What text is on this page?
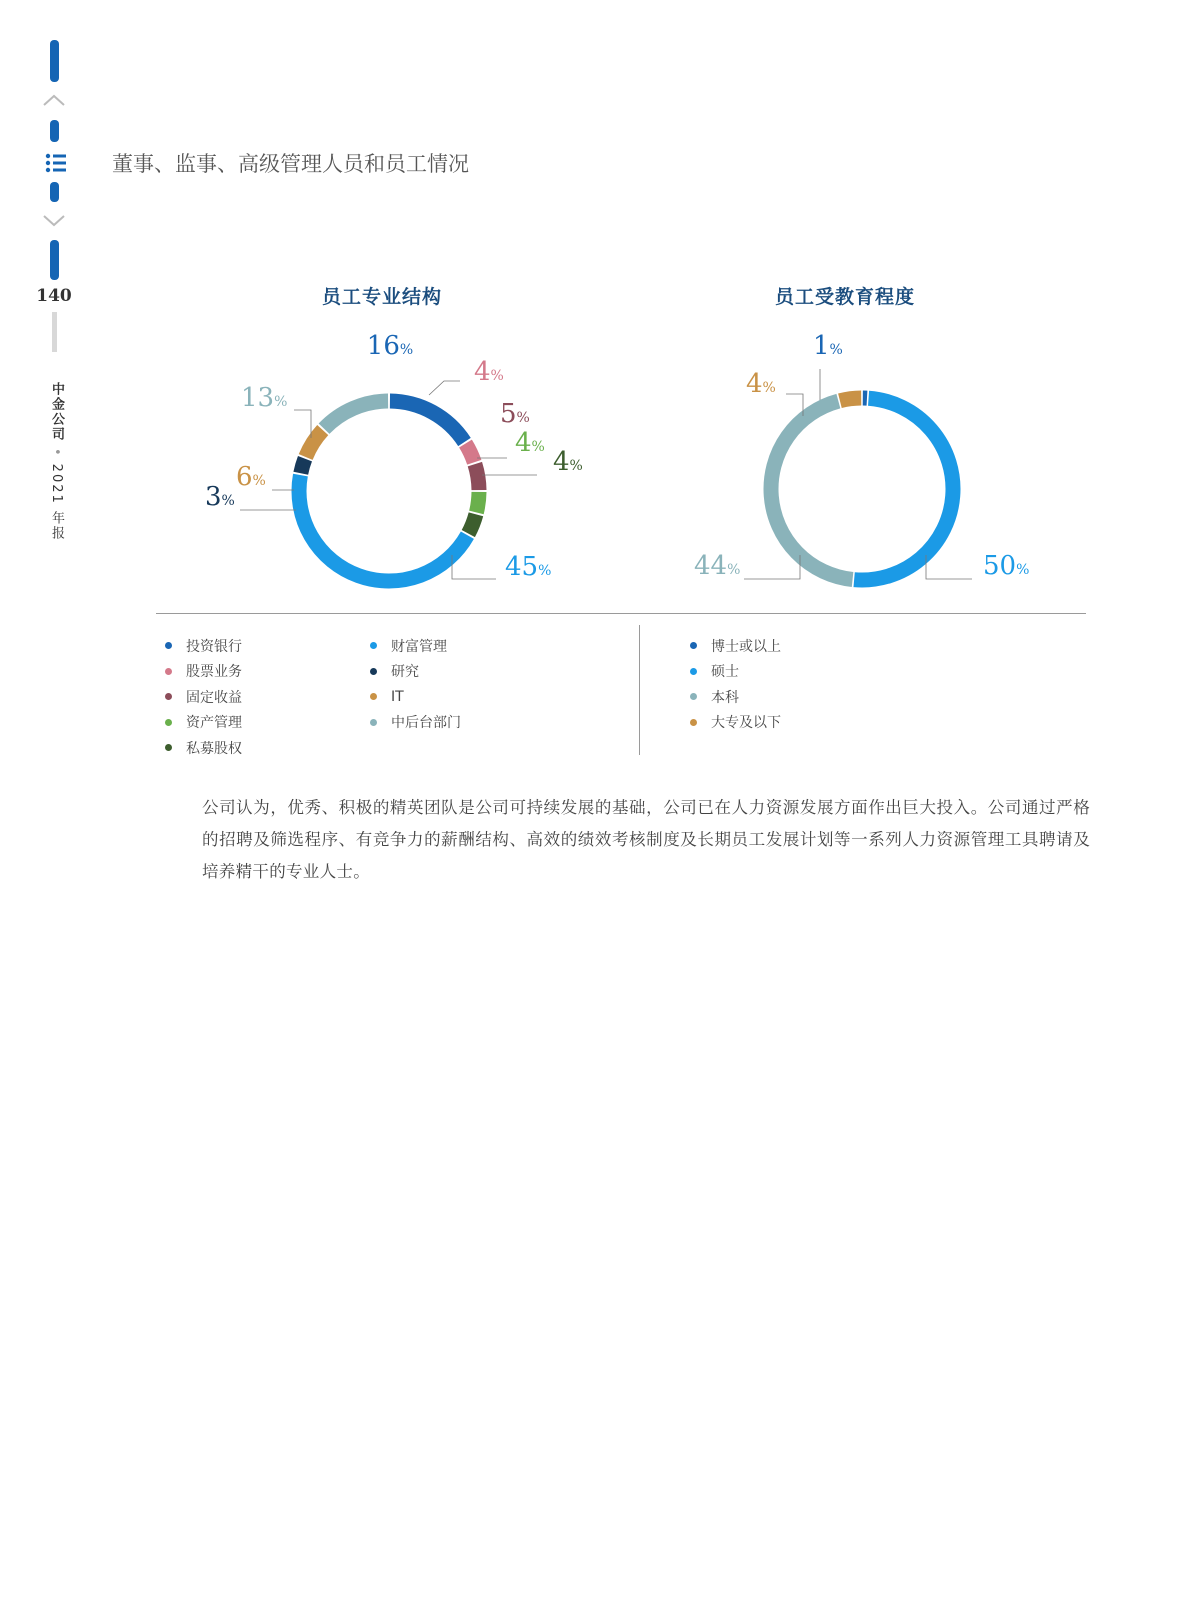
140
中金公司•2021 年报
董事、监事、高级管理人员和员工情况
员工专业结构	员工受教育程度
16%
4%
5%
4% 4%
45%
3%
6%
13%
1%
50%
44%
4%
投资银行
股票业务
固定收益
资产管理
私募股权
财富管理
研究
IT
中后台部门
博士或以上
硕士
本科
大专及以下
公司认为，优秀、积极的精英团队是公司可持续发展的基础，公司已在人力资源发展方面作出巨大投入。公司通过严格的招聘及筛选程序、有竞争力的薪酬结构、高效的绩效考核制度及长期员工发展计划等一系列人力资源管理工具聘请及培养精干的专业人士。
